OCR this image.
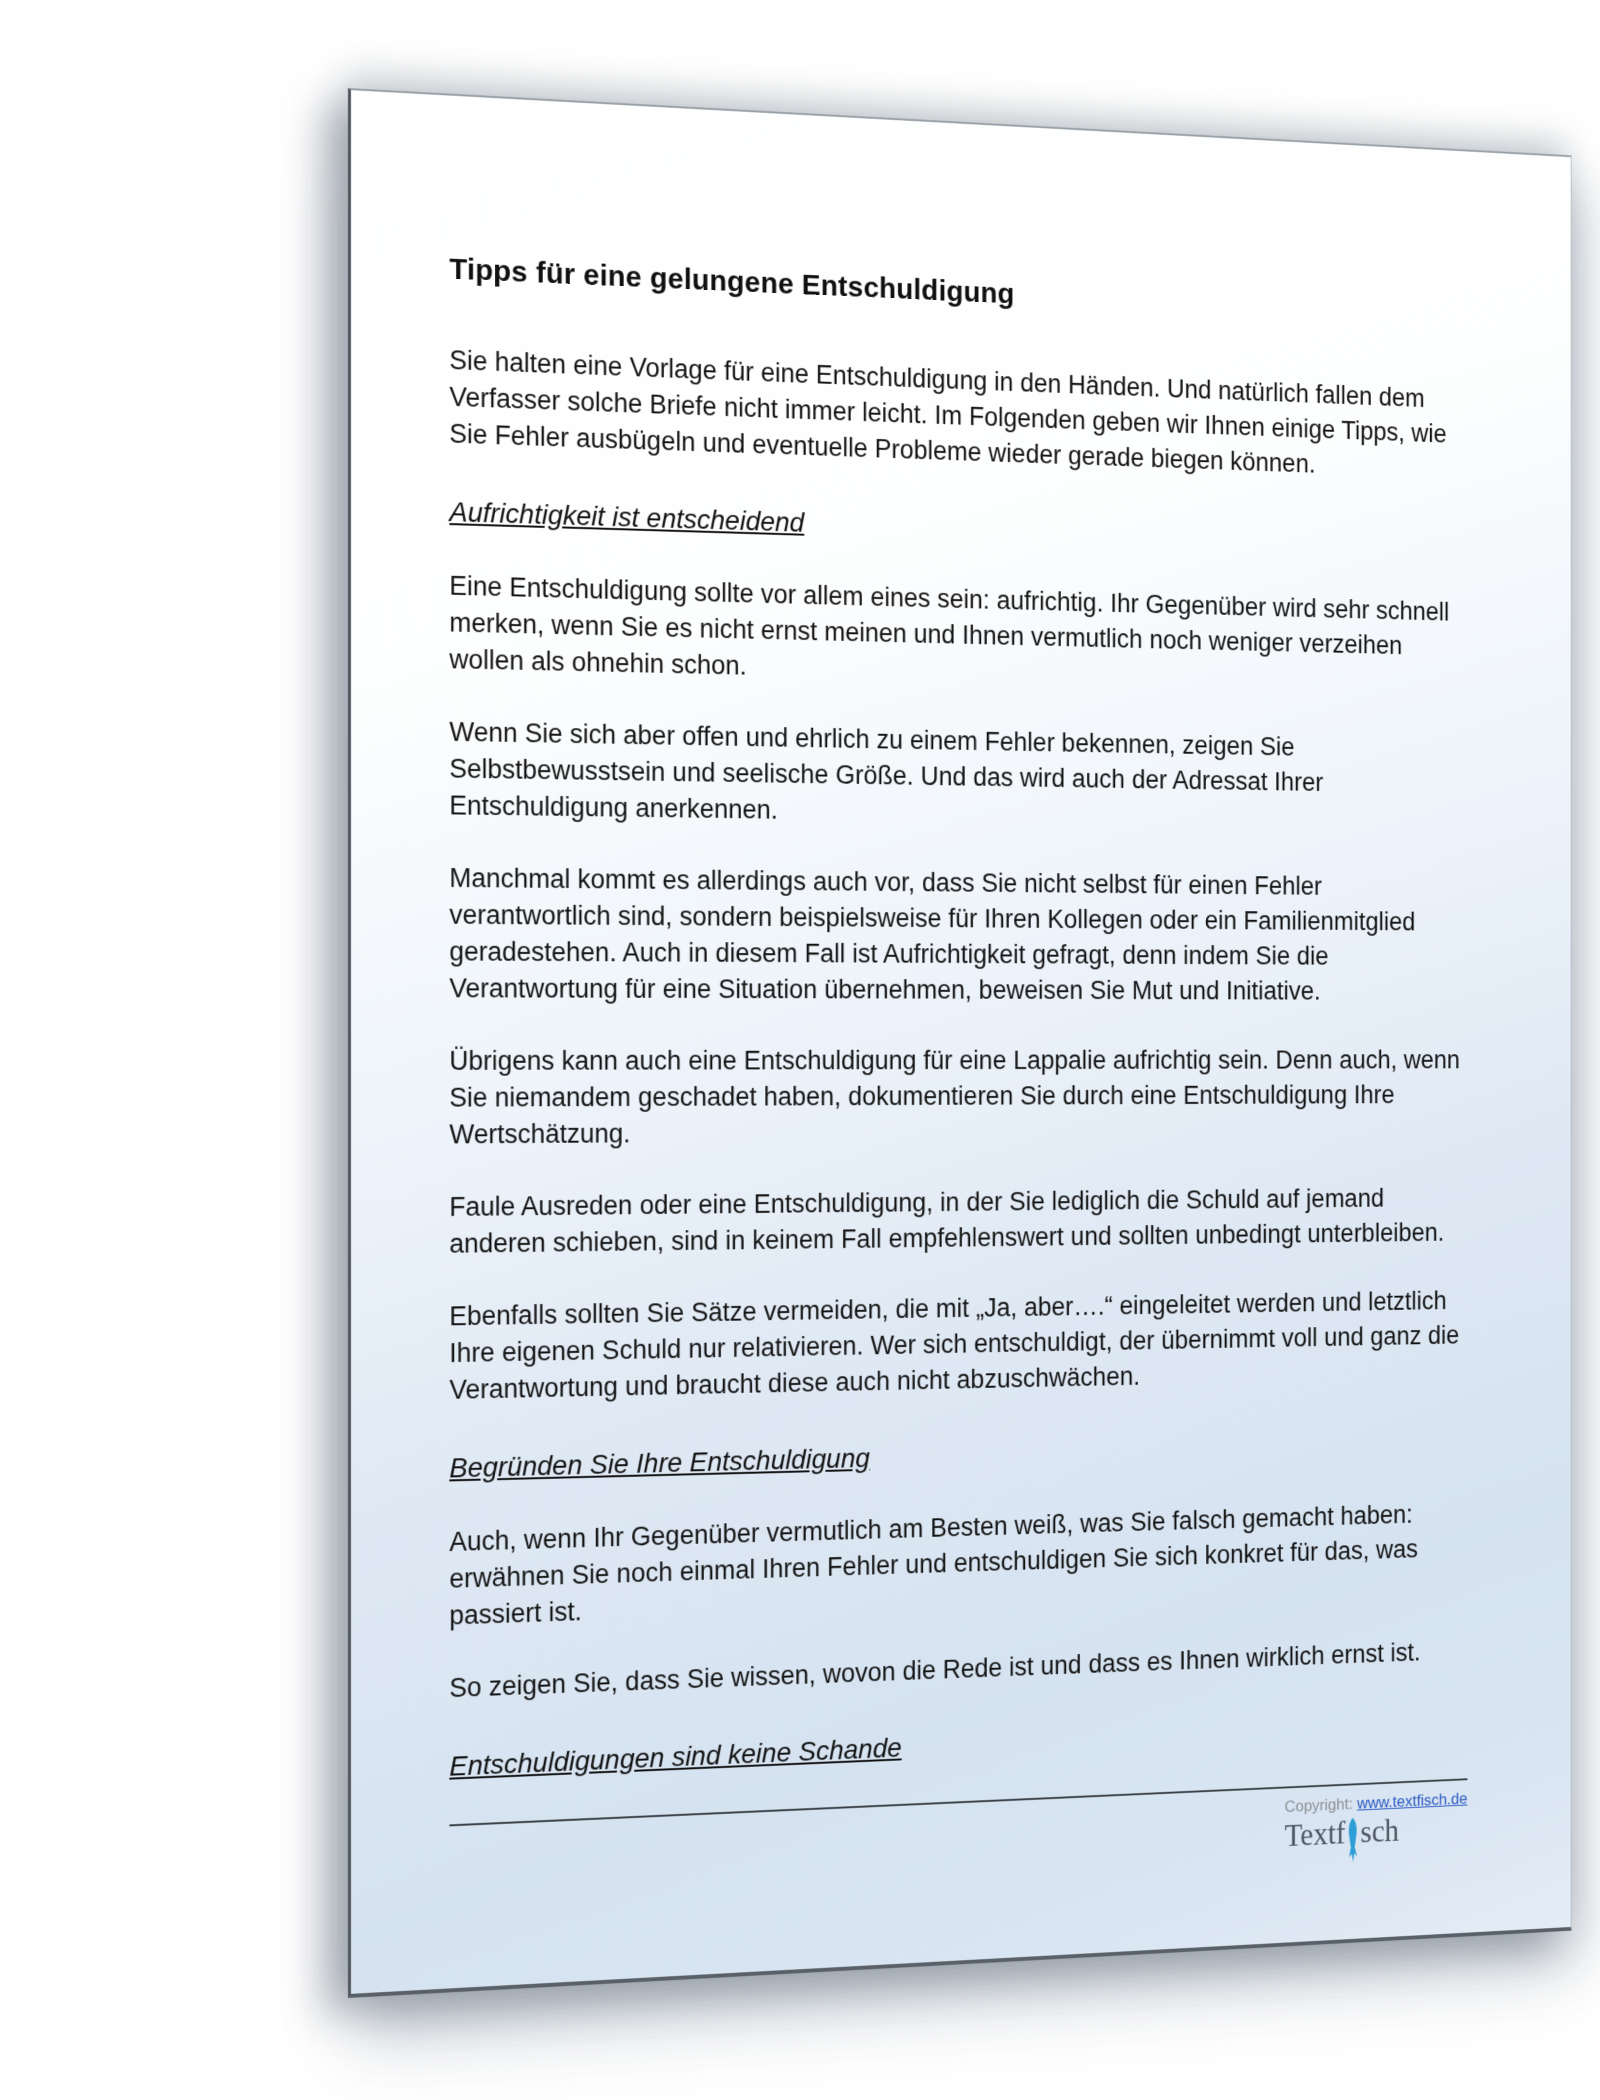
Tipps für eine gelungene Entschuldigung

Sie halten eine Vorlage für eine Entschuldigung in den Händen. Und natürlich fallen dem Verfasser solche Briefe nicht immer leicht. Im Folgenden geben wir Ihnen einige Tipps, wie Sie Fehler ausbügeln und eventuelle Probleme wieder gerade biegen können.

Aufrichtigkeit ist entscheidend

Eine Entschuldigung sollte vor allem eines sein: aufrichtig. Ihr Gegenüber wird sehr schnell merken, wenn Sie es nicht ernst meinen und Ihnen vermutlich noch weniger verzeihen wollen als ohnehin schon.

Wenn Sie sich aber offen und ehrlich zu einem Fehler bekennen, zeigen Sie Selbstbewusstsein und seelische Größe. Und das wird auch der Adressat Ihrer Entschuldigung anerkennen.

Manchmal kommt es allerdings auch vor, dass Sie nicht selbst für einen Fehler verantwortlich sind, sondern beispielsweise für Ihren Kollegen oder ein Familienmitglied geradestehen. Auch in diesem Fall ist Aufrichtigkeit gefragt, denn indem Sie die Verantwortung für eine Situation übernehmen, beweisen Sie Mut und Initiative.

Übrigens kann auch eine Entschuldigung für eine Lappalie aufrichtig sein. Denn auch, wenn Sie niemandem geschadet haben, dokumentieren Sie durch eine Entschuldigung Ihre Wertschätzung.

Faule Ausreden oder eine Entschuldigung, in der Sie lediglich die Schuld auf jemand anderen schieben, sind in keinem Fall empfehlenswert und sollten unbedingt unterbleiben.

Ebenfalls sollten Sie Sätze vermeiden, die mit „Ja, aber….“ eingeleitet werden und letztlich Ihre eigenen Schuld nur relativieren. Wer sich entschuldigt, der übernimmt voll und ganz die Verantwortung und braucht diese auch nicht abzuschwächen.

Begründen Sie Ihre Entschuldigung

Auch, wenn Ihr Gegenüber vermutlich am Besten weiß, was Sie falsch gemacht haben: erwähnen Sie noch einmal Ihren Fehler und entschuldigen Sie sich konkret für das, was passiert ist.

So zeigen Sie, dass Sie wissen, wovon die Rede ist und dass es Ihnen wirklich ernst ist.

Entschuldigungen sind keine Schande
Copyright: www.textfisch.de
Textf sch
